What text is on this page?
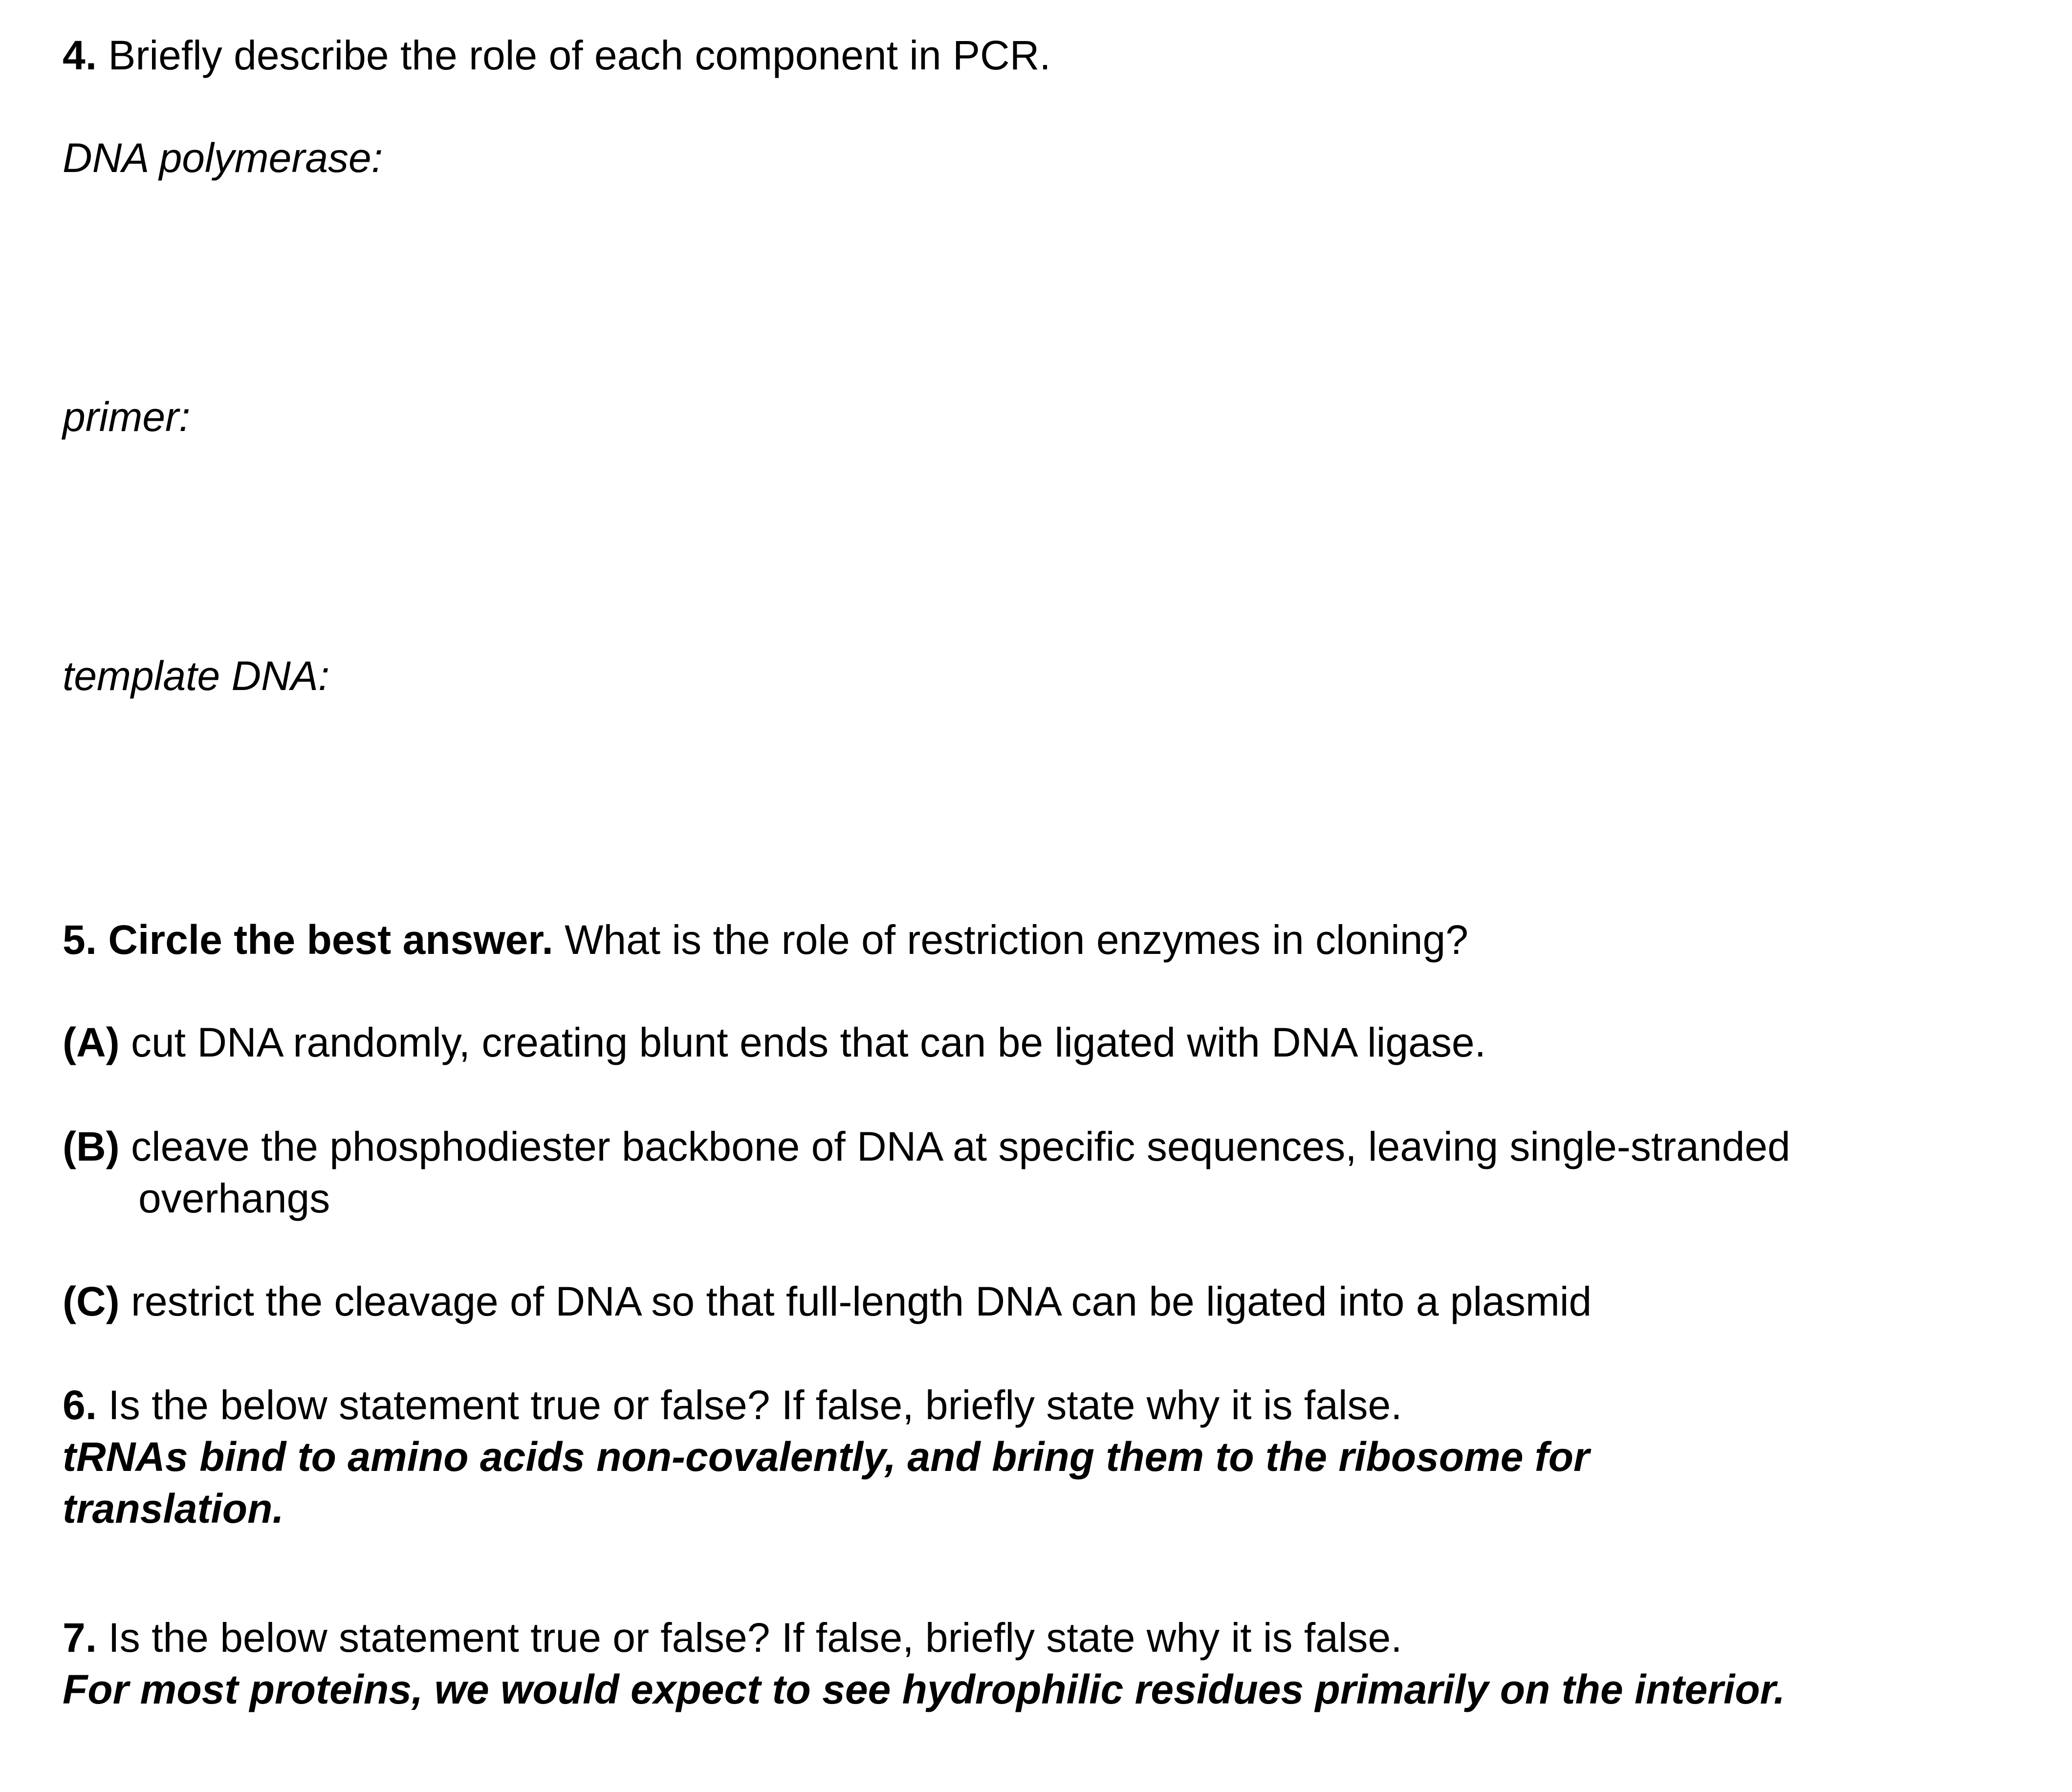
4. Briefly describe the role of each component in PCR.
DNA polymerase:
primer:
template DNA:
5. Circle the best answer. What is the role of restriction enzymes in cloning?
(A) cut DNA randomly, creating blunt ends that can be ligated with DNA ligase.
(B) cleave the phosphodiester backbone of DNA at specific sequences, leaving single-stranded
overhangs
(C) restrict the cleavage of DNA so that full-length DNA can be ligated into a plasmid
6. Is the below statement true or false? If false, briefly state why it is false.
tRNAs bind to amino acids non-covalently, and bring them to the ribosome for
translation.
7. Is the below statement true or false? If false, briefly state why it is false.
For most proteins, we would expect to see hydrophilic residues primarily on the interior.
